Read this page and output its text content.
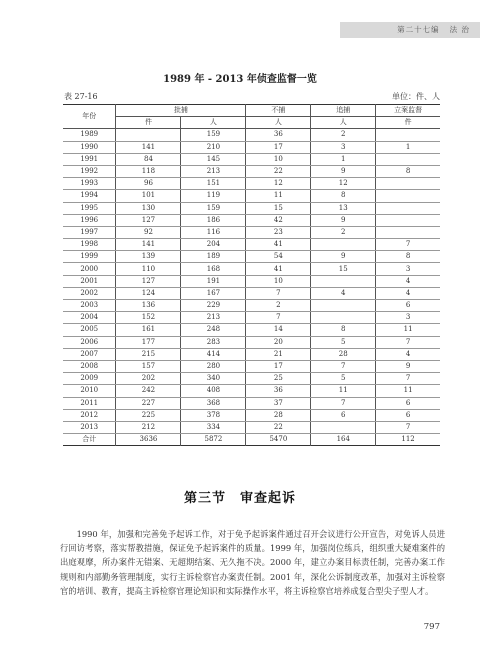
第二十七编 法 治
1989 年 - 2013 年侦查监督一览
表 27-16	单位：件、人
年份	批捕		不捕	追捕	立案监督
	件	人	人	人	件
1989		159	36	2	
1990	141	210	17	3	1
1991	84	145	10	1	
1992	118	213	22	9	8
1993	96	151	12	12	
1994	101	119	11	8	
1995	130	159	15	13	
1996	127	186	42	9	
1997	92	116	23	2	
1998	141	204	41		7
1999	139	189	54	9	8
2000	110	168	41	15	3
2001	127	191	10		4
2002	124	167	7	4	4
2003	136	229	2		6
2004	152	213	7		3
2005	161	248	14	8	11
2006	177	283	20	5	7
2007	215	414	21	28	4
2008	157	280	17	7	9
2009	202	340	25	5	7
2010	242	408	36	11	11
2011	227	368	37	7	6
2012	225	378	28	6	6
2013	212	334	22		7
合计	3636	5872	5470	164	112
第三节 审查起诉

1990 年，加强和完善免予起诉工作，对于免予起诉案件通过召开会议进行公开宣告，对免诉人员进行回访考察，落实帮教措施，保证免予起诉案件的质量。1999 年，加强岗位练兵，组织重大疑难案件的出庭观摩，所办案件无错案、无超期结案、无久拖不决。2000 年，建立办案目标责任制，完善办案工作规则和内部勤务管理制度，实行主诉检察官办案责任制。2001 年，深化公诉制度改革，加强对主诉检察官的培训、教育，提高主诉检察官理论知识和实际操作水平，将主诉检察官培养成复合型尖子型人才。

797
